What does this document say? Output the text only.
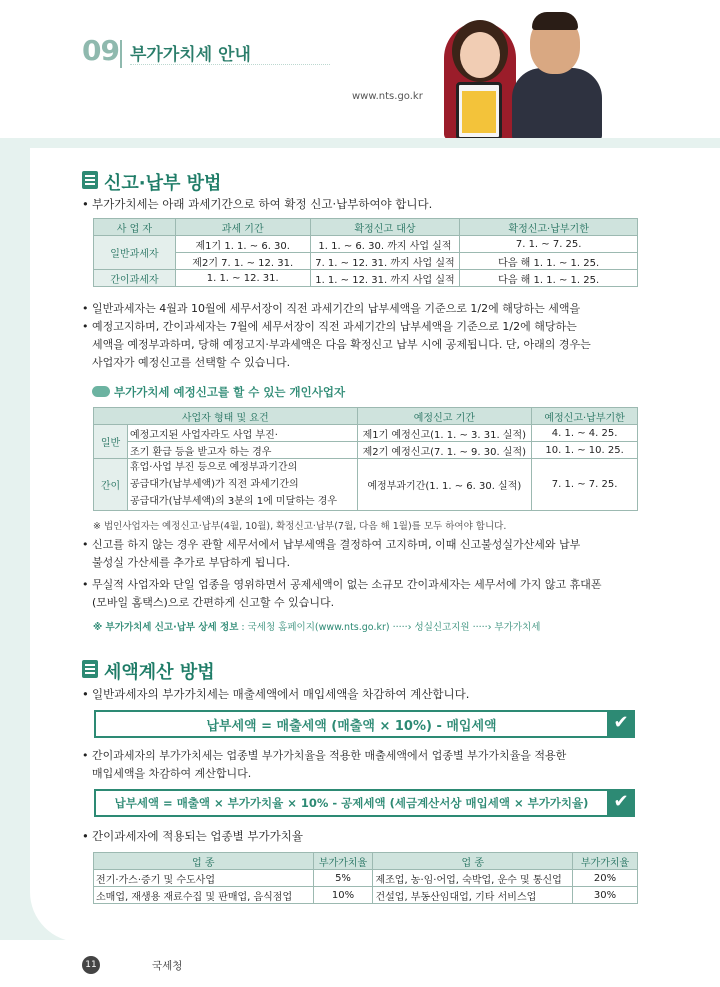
09 부가가치세 안내
www.nts.go.kr
신고·납부 방법
• 부가가치세는 아래 과세기간으로 하여 확정 신고·납부하여야 합니다.
사 업 자	과세 기간	확정신고 대상	확정신고·납부기한
일반과세자	제1기 1. 1. ~ 6. 30.	1. 1. ~ 6. 30. 까지 사업 실적	7. 1. ~ 7. 25.
	제2기 7. 1. ~ 12. 31.	7. 1. ~ 12. 31. 까지 사업 실적	다음 해 1. 1. ~ 1. 25.
간이과세자	1. 1. ~ 12. 31.	1. 1. ~ 12. 31. 까지 사업 실적	다음 해 1. 1. ~ 1. 25.
• 일반과세자는 4월과 10월에 세무서장이 직전 과세기간의 납부세액을 기준으로 1/2에 해당하는 세액을
• 예정고지하며, 간이과세자는 7월에 세무서장이 직전 과세기간의 납부세액을 기준으로 1/2에 해당하는
세액을 예정부과하며, 당해 예정고지·부과세액은 다음 확정신고 납부 시에 공제됩니다. 단, 아래의 경우는
사업자가 예정신고를 선택할 수 있습니다.
부가가치세 예정신고를 할 수 있는 개인사업자
사업자 형태 및 요건		예정신고 기간	예정신고·납부기한
일반	예정고지된 사업자라도 사업 부진·	제1기 예정신고(1. 1. ~ 3. 31. 실적)	4. 1. ~ 4. 25.
	조기 환급 등을 받고자 하는 경우	제2기 예정신고(7. 1. ~ 9. 30. 실적)	10. 1. ~ 10. 25.
간이	휴업·사업 부진 등으로 예정부과기간의
공급대가(납부세액)가 직전 과세기간의
공급대가(납부세액)의 3분의 1에 미달하는 경우	예정부과기간(1. 1. ~ 6. 30. 실적)	7. 1. ~ 7. 25.
※ 법인사업자는 예정신고·납부(4월, 10월), 확정신고·납부(7월, 다음 해 1월)를 모두 하여야 합니다.
• 신고를 하지 않는 경우 관할 세무서에서 납부세액을 결정하여 고지하며, 이때 신고불성실가산세와 납부
불성실 가산세를 추가로 부담하게 됩니다.
• 무실적 사업자와 단일 업종을 영위하면서 공제세액이 없는 소규모 간이과세자는 세무서에 가지 않고 휴대폰
(모바일 홈택스)으로 간편하게 신고할 수 있습니다.
※ 부가가치세 신고·납부 상세 정보 : 국세청 홈페이지(www.nts.go.kr) ·····› 성실신고지원 ·····› 부가가치세
세액계산 방법
• 일반과세자의 부가가치세는 매출세액에서 매입세액을 차감하여 계산합니다.
납부세액 = 매출세액 (매출액 × 10%) - 매입세액	✔
• 간이과세자의 부가가치세는 업종별 부가가치율을 적용한 매출세액에서 업종별 부가가치율을 적용한
매입세액을 차감하여 계산합니다.
납부세액 = 매출액 × 부가가치율 × 10% - 공제세액 (세금계산서상 매입세액 × 부가가치율)	✔
• 간이과세자에 적용되는 업종별 부가가치율
업 종	부가가치율	업 종	부가가치율
전기·가스·증기 및 수도사업	5%	제조업, 농·임·어업, 숙박업, 운수 및 통신업	20%
소매업, 재생용 재료수집 및 판매업, 음식점업	10%	건설업, 부동산임대업, 기타 서비스업	30%
11	국세청
